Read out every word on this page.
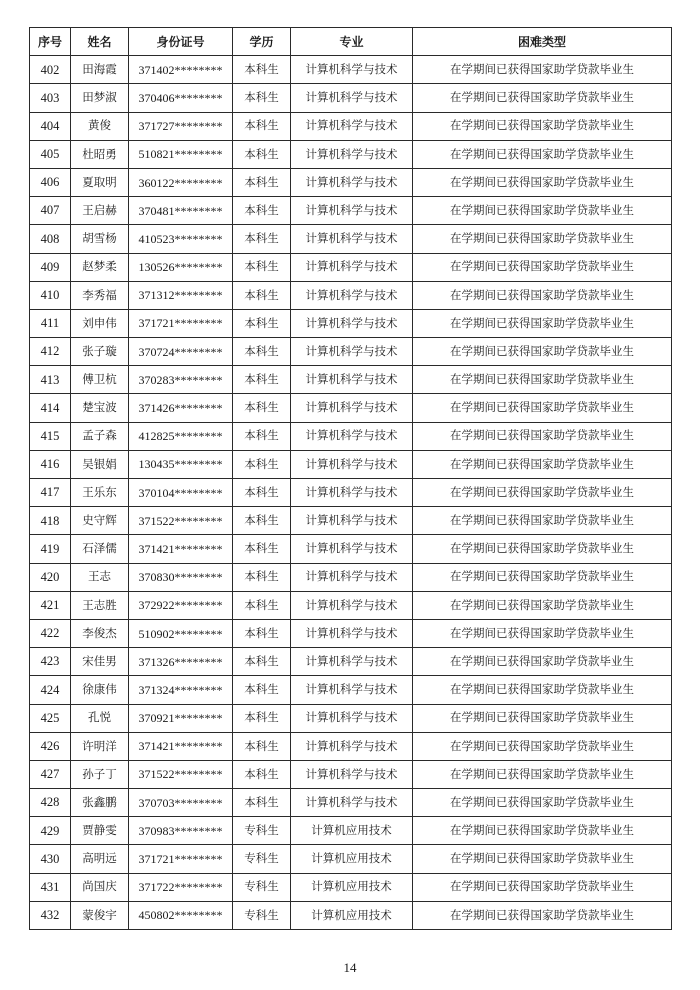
序号	姓名	身份证号	学历	专业	困难类型
402	田海霞	371402********	本科生	计算机科学与技术	在学期间已获得国家助学贷款毕业生
403	田梦淑	370406********	本科生	计算机科学与技术	在学期间已获得国家助学贷款毕业生
404	黄俊	371727********	本科生	计算机科学与技术	在学期间已获得国家助学贷款毕业生
405	杜昭勇	510821********	本科生	计算机科学与技术	在学期间已获得国家助学贷款毕业生
406	夏取明	360122********	本科生	计算机科学与技术	在学期间已获得国家助学贷款毕业生
407	王启赫	370481********	本科生	计算机科学与技术	在学期间已获得国家助学贷款毕业生
408	胡雪杨	410523********	本科生	计算机科学与技术	在学期间已获得国家助学贷款毕业生
409	赵梦柔	130526********	本科生	计算机科学与技术	在学期间已获得国家助学贷款毕业生
410	李秀福	371312********	本科生	计算机科学与技术	在学期间已获得国家助学贷款毕业生
411	刘申伟	371721********	本科生	计算机科学与技术	在学期间已获得国家助学贷款毕业生
412	张子璇	370724********	本科生	计算机科学与技术	在学期间已获得国家助学贷款毕业生
413	傅卫杭	370283********	本科生	计算机科学与技术	在学期间已获得国家助学贷款毕业生
414	楚宝波	371426********	本科生	计算机科学与技术	在学期间已获得国家助学贷款毕业生
415	孟子森	412825********	本科生	计算机科学与技术	在学期间已获得国家助学贷款毕业生
416	吴银娟	130435********	本科生	计算机科学与技术	在学期间已获得国家助学贷款毕业生
417	王乐东	370104********	本科生	计算机科学与技术	在学期间已获得国家助学贷款毕业生
418	史守辉	371522********	本科生	计算机科学与技术	在学期间已获得国家助学贷款毕业生
419	石泽儒	371421********	本科生	计算机科学与技术	在学期间已获得国家助学贷款毕业生
420	王志	370830********	本科生	计算机科学与技术	在学期间已获得国家助学贷款毕业生
421	王志胜	372922********	本科生	计算机科学与技术	在学期间已获得国家助学贷款毕业生
422	李俊杰	510902********	本科生	计算机科学与技术	在学期间已获得国家助学贷款毕业生
423	宋佳男	371326********	本科生	计算机科学与技术	在学期间已获得国家助学贷款毕业生
424	徐康伟	371324********	本科生	计算机科学与技术	在学期间已获得国家助学贷款毕业生
425	孔悦	370921********	本科生	计算机科学与技术	在学期间已获得国家助学贷款毕业生
426	许明洋	371421********	本科生	计算机科学与技术	在学期间已获得国家助学贷款毕业生
427	孙子丁	371522********	本科生	计算机科学与技术	在学期间已获得国家助学贷款毕业生
428	张鑫鹏	370703********	本科生	计算机科学与技术	在学期间已获得国家助学贷款毕业生
429	贾静雯	370983********	专科生	计算机应用技术	在学期间已获得国家助学贷款毕业生
430	高明远	371721********	专科生	计算机应用技术	在学期间已获得国家助学贷款毕业生
431	尚国庆	371722********	专科生	计算机应用技术	在学期间已获得国家助学贷款毕业生
432	蒙俊宇	450802********	专科生	计算机应用技术	在学期间已获得国家助学贷款毕业生
14
